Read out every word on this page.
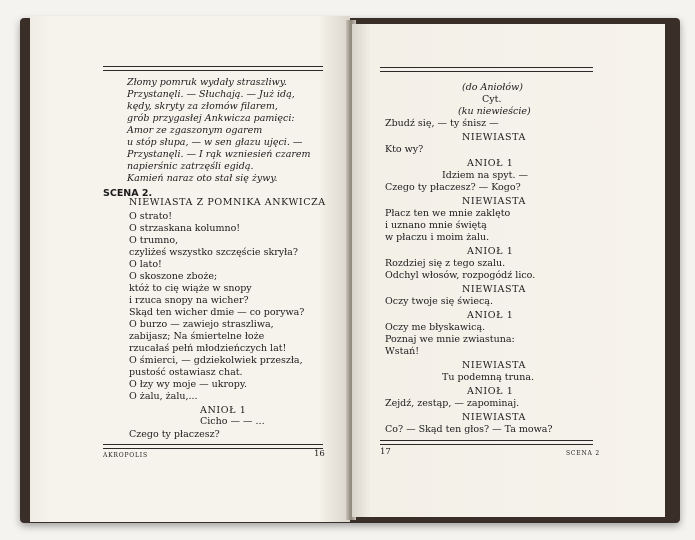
Złomy pomruk wydały straszliwy.
Przystanęli. — Słuchają. — Już idą,
kędy, skryty za złomów filarem,
grób przygasłej Ankwicza pamięci:
Amor ze zgaszonym ogarem
u stóp słupa, — w sen głazu ujęci. —
Przystanęli. — I rąk wzniesień czarem
napierśnic zatrzęśli egidą.
Kamień naraz oto stał się żywy.
SCENA 2.
NIEWIASTA Z POMNIKA ANKWICZA
O strato!
O strzaskana kolumno!
O trumno,
czyliżeś wszystko szczęście skryła?
O lato!
O skoszone zboże;
któż to cię wiąże w snopy
i rzuca snopy na wicher?
Skąd ten wicher dmie — co porywa?
O burzo — zawiejo straszliwa,
zabijasz; Na śmiertelne łoże
rzucałaś pełń młodzieńczych lat!
O śmierci, — gdziekolwiek przeszła,
pustość ostawiasz chat.
O łzy wy moje — ukropy.
O żalu, żalu,...
ANIOŁ 1
Cicho — — ...
Czego ty płaczesz?
AKROPOLIS	16
(do Aniołów)
Cyt.
(ku niewieście)
Zbudź się, — ty śnisz —
NIEWIASTA
Kto wy?
ANIOŁ 1
Idziem na spyt. —
Czego ty płaczesz? — Kogo?
NIEWIASTA
Płacz ten we mnie zaklęto
i uznano mnie świętą
w płaczu i moim żalu.
ANIOŁ 1
Rozdziej się z tego szalu.
Odchyl włosów, rozpogódź lico.
NIEWIASTA
Oczy twoje się świecą.
ANIOŁ 1
Oczy me błyskawicą.
Poznaj we mnie zwiastuna:
Wstań!
NIEWIASTA
Tu podemną truna.
ANIOŁ 1
Zejdź, zestąp, — zapominaj.
NIEWIASTA
Co? — Skąd ten głos? — Ta mowa?
17	SCENA 2
